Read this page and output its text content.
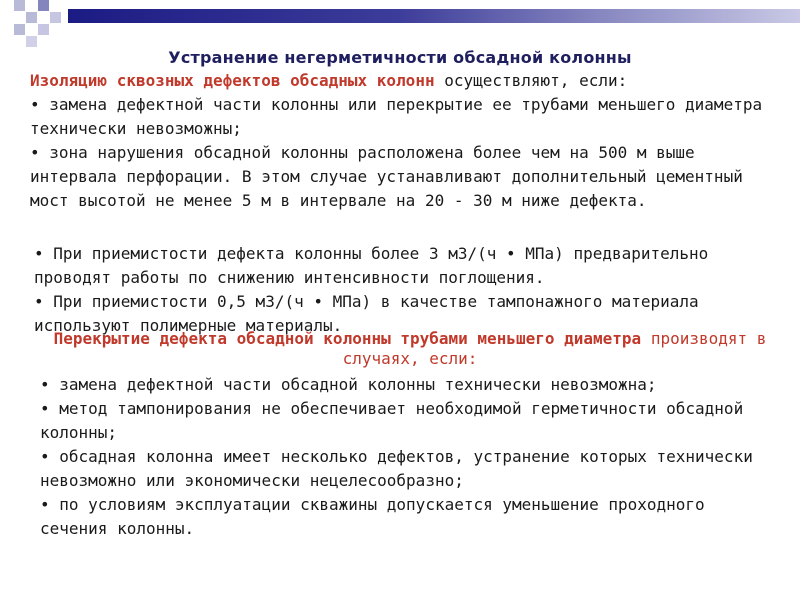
Устранение негерметичности обсадной колонны

Изоляцию сквозных дефектов обсадных колонн осуществляют, если:

• замена дефектной части колонны или перекрытие ее трубами меньшего диаметра технически невозможны;

• зона нарушения обсадной колонны расположена более чем на 500 м выше интервала перфорации. В этом случае устанавливают дополнительный цементный мост высотой не менее 5 м в интервале на 20 - 30 м ниже дефекта.

• При приемистости дефекта колонны более 3 м3/(ч • МПа) предварительно проводят работы по снижению интенсивности поглощения.

• При приемистости 0,5 м3/(ч • МПа) в качестве тампонажного материала используют полимерные материалы.

Перекрытие дефекта обсадной колонны трубами меньшего диаметра производят в случаях, если:

• замена дефектной части обсадной колонны технически невозможна;

• метод тампонирования не обеспечивает необходимой герметичности обсадной колонны;

• обсадная колонна имеет несколько дефектов, устранение которых технически невозможно или экономически нецелесообразно;

• по условиям эксплуатации скважины допускается уменьшение проходного сечения колонны.
